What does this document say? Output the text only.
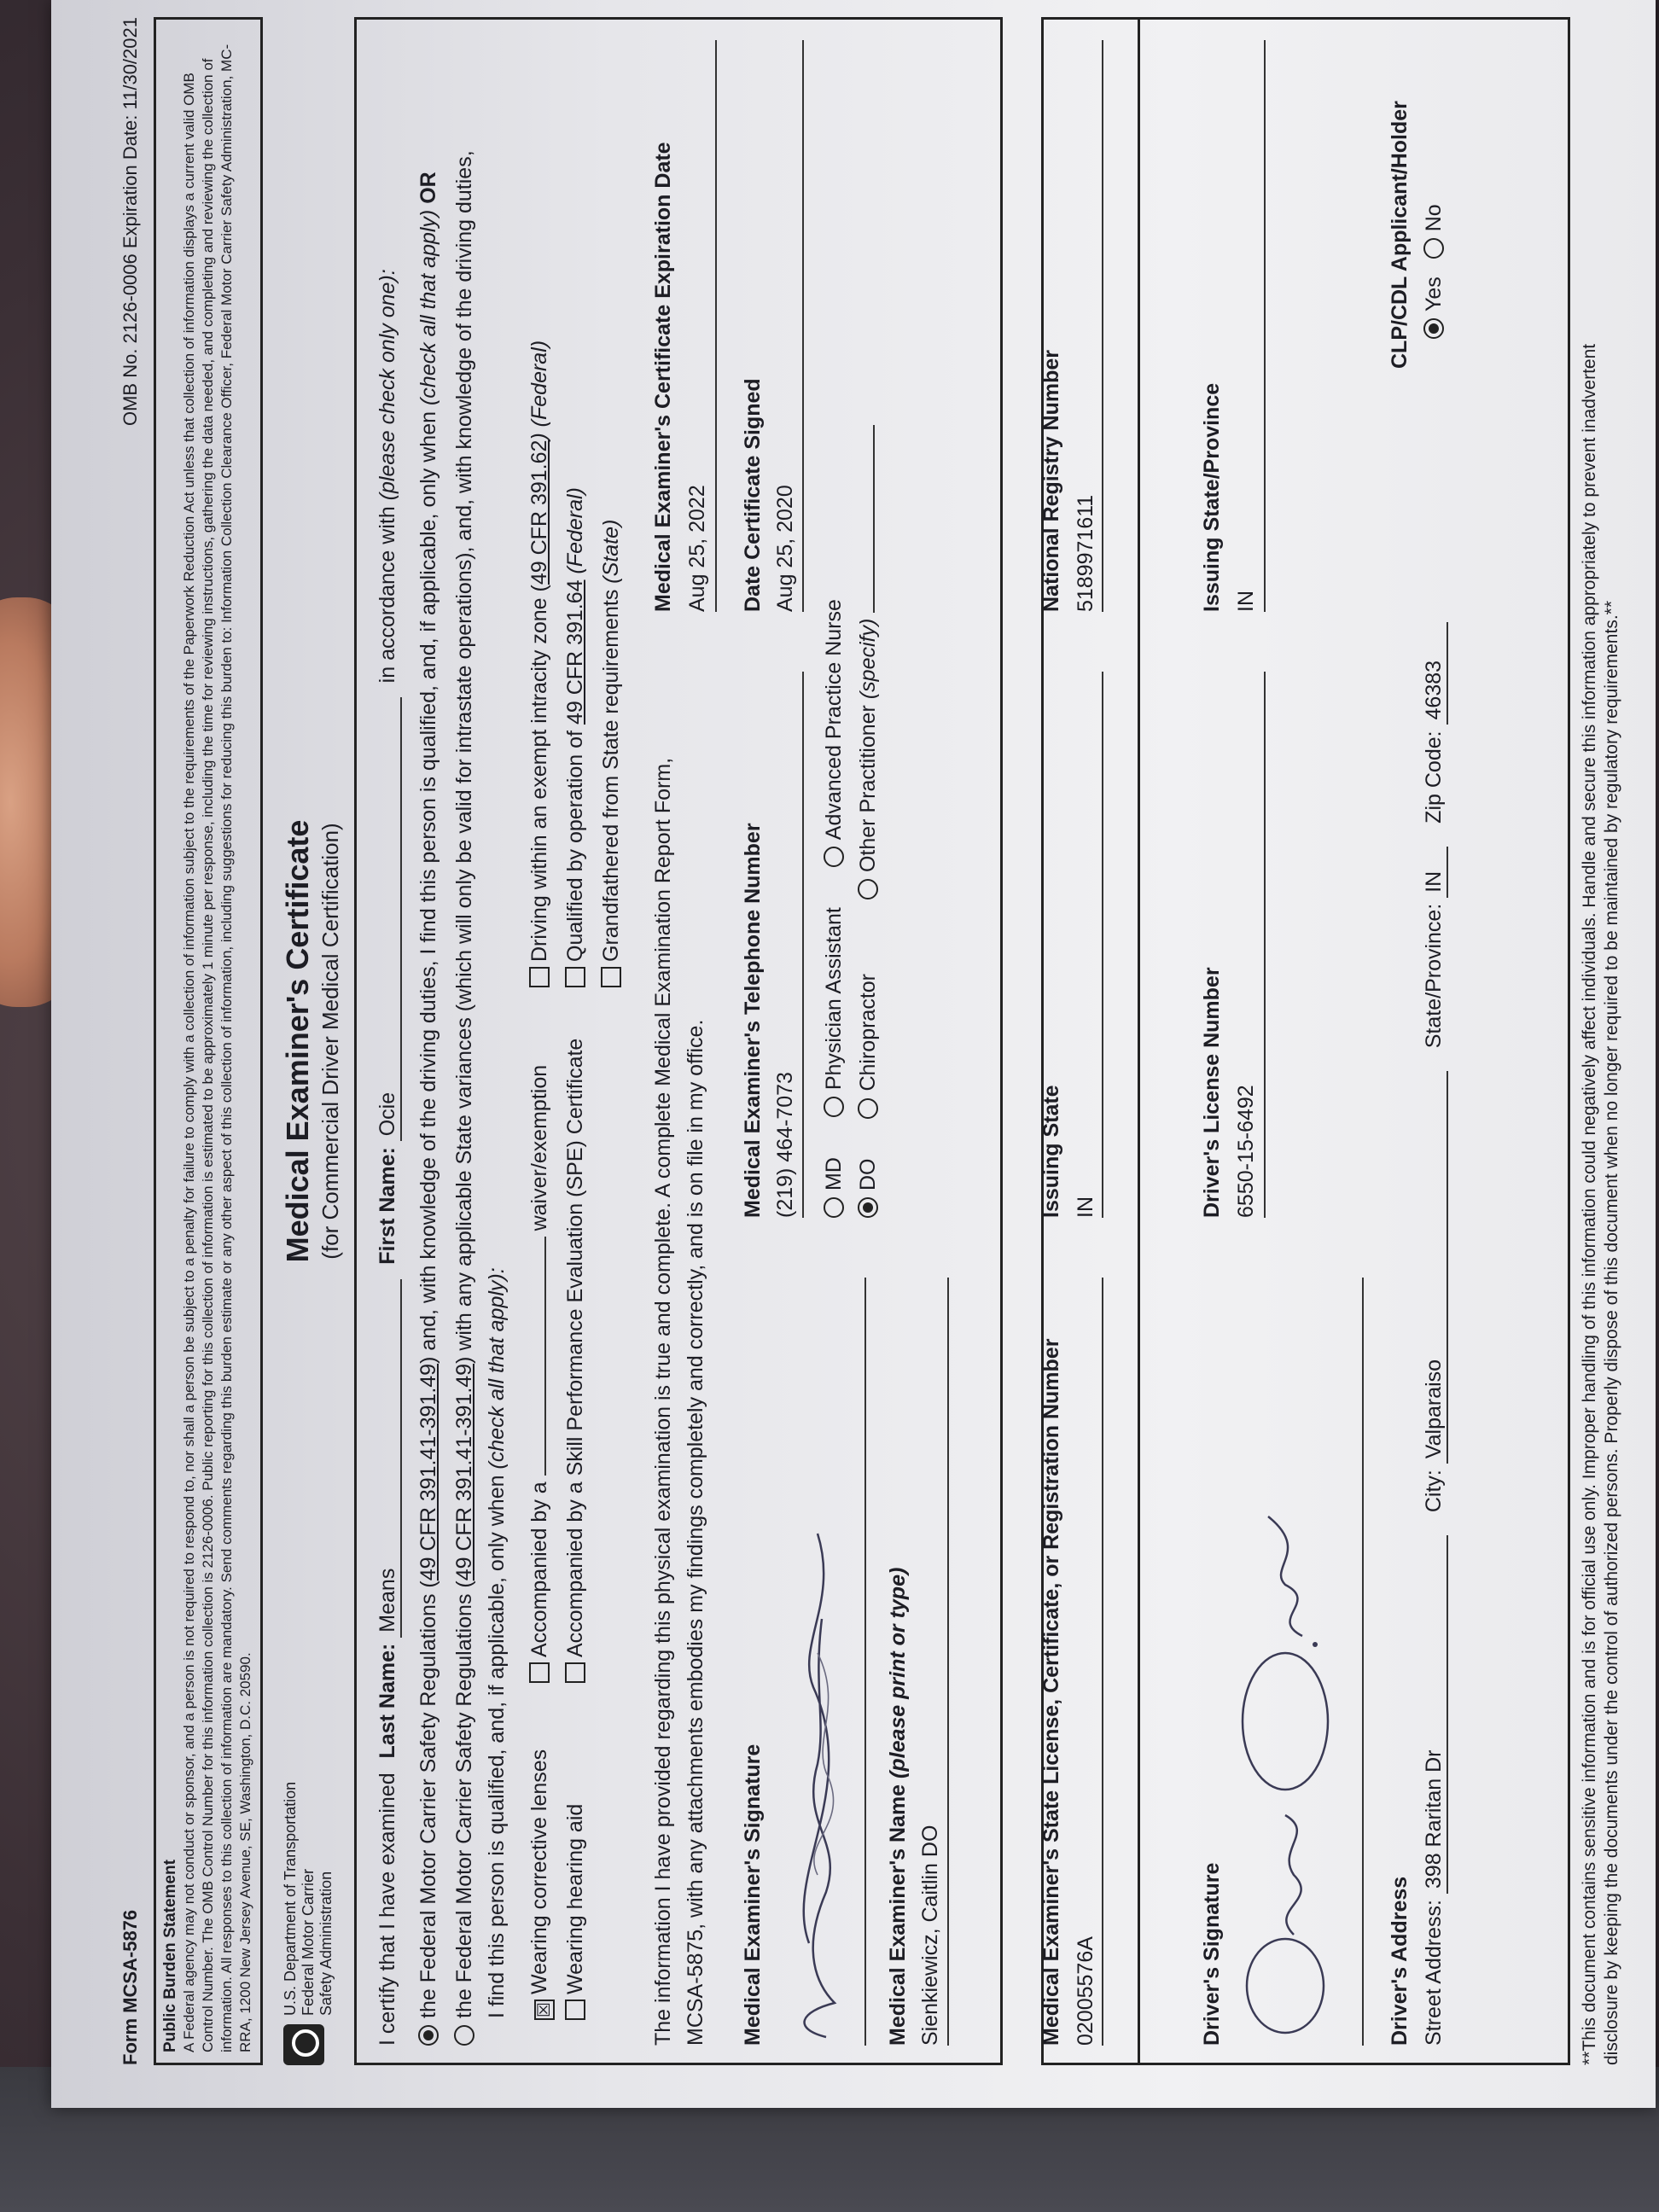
Form MCSA-5876
OMB No. 2126-0006 Expiration Date: 11/30/2021
Public Burden Statement A Federal agency may not conduct or sponsor, and a person is not required to respond to, nor shall a person be subject to a penalty for failure to comply with a collection of information subject to the requirements of the Paperwork Reduction Act unless that collection of information displays a current valid OMB Control Number. The OMB Control Number for this information collection is 2126-0006. Public reporting for this collection of information is estimated to be approximately 1 minute per response, including the time for reviewing instructions, gathering the data needed, and completing and reviewing the collection of information. All responses to this collection of information are mandatory. Send comments regarding this burden estimate or any other aspect of this collection of information, including suggestions for reducing this burden to: Information Collection Clearance Officer, Federal Motor Carrier Safety Administration, MC-RRA, 1200 New Jersey Avenue, SE, Washington, D.C. 20590. U.S. Department of Transportation Federal Motor Carrier Safety Administration
Medical Examiner's Certificate (for Commercial Driver Medical Certification)
I certify that I have examined Last Name: Means First Name: Ocie in accordance with (please check only one):
the Federal Motor Carrier Safety Regulations (49 CFR 391.41-391.49) and, with knowledge of the driving duties, I find this person is qualified, and, if applicable, only when (check all that apply) OR
the Federal Motor Carrier Safety Regulations (49 CFR 391.41-391.49) with any applicable State variances (which will only be valid for intrastate operations), and, with knowledge of the driving duties,
I find this person is qualified, and, if applicable, only when (check all that apply):
☒Wearing corrective lenses Wearing hearing aid
Accompanied by a  waiver/exemption Accompanied by a Skill Performance Evaluation (SPE) Certificate
Driving within an exempt intracity zone (49 CFR 391.62) (Federal)
Qualified by operation of 49 CFR 391.64 (Federal)
Grandfathered from State requirements (State)
The information I have provided regarding this physical examination is true and complete. A complete Medical Examination Report Form, MCSA-5875, with any attachments embodies my findings completely and correctly, and is on file in my office.
Medical Examiner's Certificate Expiration Date Aug 25, 2022
Medical Examiner's Signature
Medical Examiner's Telephone Number (219) 464-7073
Date Certificate Signed Aug 25, 2020
MD Physician Assistant Advanced Practice Nurse
DO Chiropractor Other Practitioner (specify)
Medical Examiner's Name (please print or type)
Sienkiewicz, Caitlin DO	Medical Examiner's State License, Certificate, or Registration Number 02005576A
Issuing State IN
National Registry Number 5189971611
Driver's Signature
Driver's License Number 6550-15-6492
Issuing State/Province IN
Driver's Address
CLP/CDL Applicant/Holder
Street Address: 398 Raritan Dr City: Valparaiso State/Province: IN Zip Code: 46383
Yes No
**This document contains sensitive information and is for official use only. Improper handling of this information could negatively affect individuals. Handle and secure this information appropriately to prevent inadvertent disclosure by keeping the documents under the control of authorized persons. Properly dispose of this document when no longer required to be maintained by regulatory requirements.**
